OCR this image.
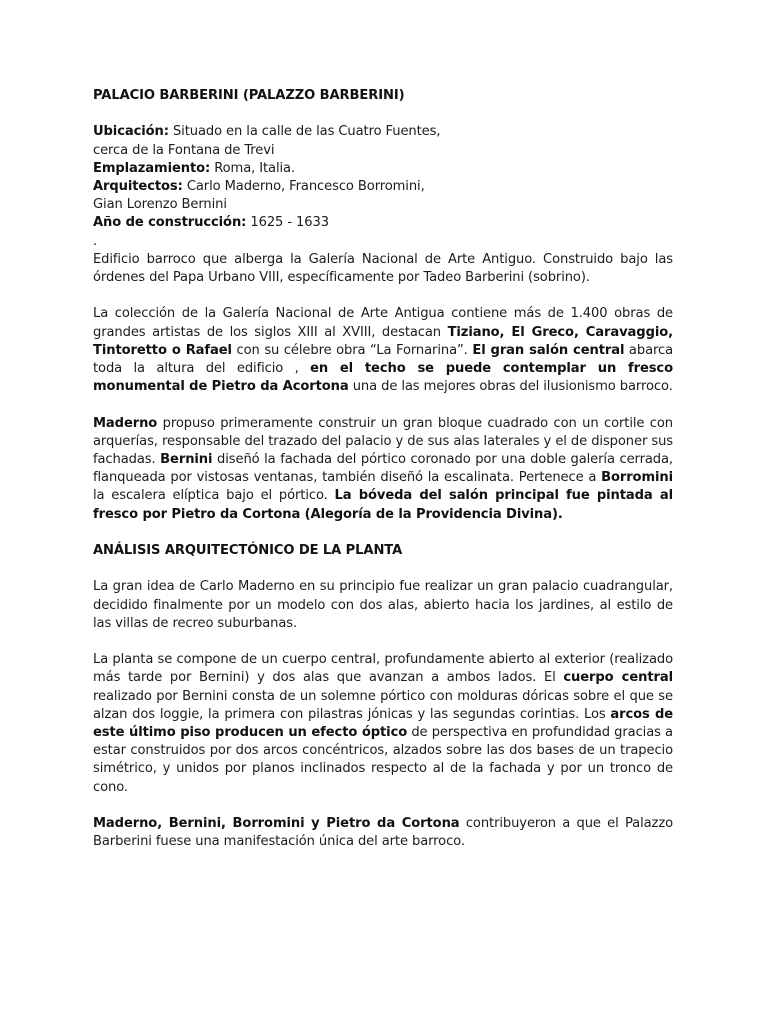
PALACIO BARBERINI (PALAZZO BARBERINI)

Ubicación: Situado en la calle de las Cuatro Fuentes,
cerca de la Fontana de Trevi
Emplazamiento: Roma, Italia.
Arquitectos: Carlo Maderno, Francesco Borromini,
Gian Lorenzo Bernini
Año de construcción: 1625 - 1633
.

Edificio barroco que alberga la Galería Nacional de Arte Antiguo. Construido bajo las órdenes del Papa Urbano VIII, específicamente por Tadeo Barberini (sobrino).

La colección de la Galería Nacional de Arte Antigua contiene más de 1.400 obras de grandes artistas de los siglos XIII al XVIII, destacan Tiziano, El Greco, Caravaggio, Tintoretto o Rafael con su célebre obra “La Fornarina”. El gran salón central abarca toda la altura del edificio , en el techo se puede contemplar un fresco monumental de Pietro da Acortona una de las mejores obras del ilusionismo barroco.

Maderno propuso primeramente construir un gran bloque cuadrado con un cortile con arquerías, responsable del trazado del palacio y de sus alas laterales y el de disponer sus fachadas. Bernini diseñó la fachada del pórtico coronado por una doble galería cerrada, flanqueada por vistosas ventanas, también diseñó la escalinata. Pertenece a Borromini la escalera elíptica bajo el pórtico. La bóveda del salón principal fue pintada al fresco por Pietro da Cortona (Alegoría de la Providencia Divina).

ANÁLISIS ARQUITECTÓNICO DE LA PLANTA

La gran idea de Carlo Maderno en su principio fue realizar un gran palacio cuadrangular, decidido finalmente por un modelo con dos alas, abierto hacia los jardines, al estilo de las villas de recreo suburbanas.

La planta se compone de un cuerpo central, profundamente abierto al exterior (realizado más tarde por Bernini) y dos alas que avanzan a ambos lados. El cuerpo central realizado por Bernini consta de un solemne pórtico con molduras dóricas sobre el que se alzan dos loggie, la primera con pilastras jónicas y las segundas corintias. Los arcos de este último piso producen un efecto óptico de perspectiva en profundidad gracias a estar construidos por dos arcos concéntricos, alzados sobre las dos bases de un trapecio simétrico, y unidos por planos inclinados respecto al de la fachada y por un tronco de cono.

Maderno, Bernini, Borromini y Pietro da Cortona contribuyeron a que el Palazzo Barberini fuese una manifestación única del arte barroco.
